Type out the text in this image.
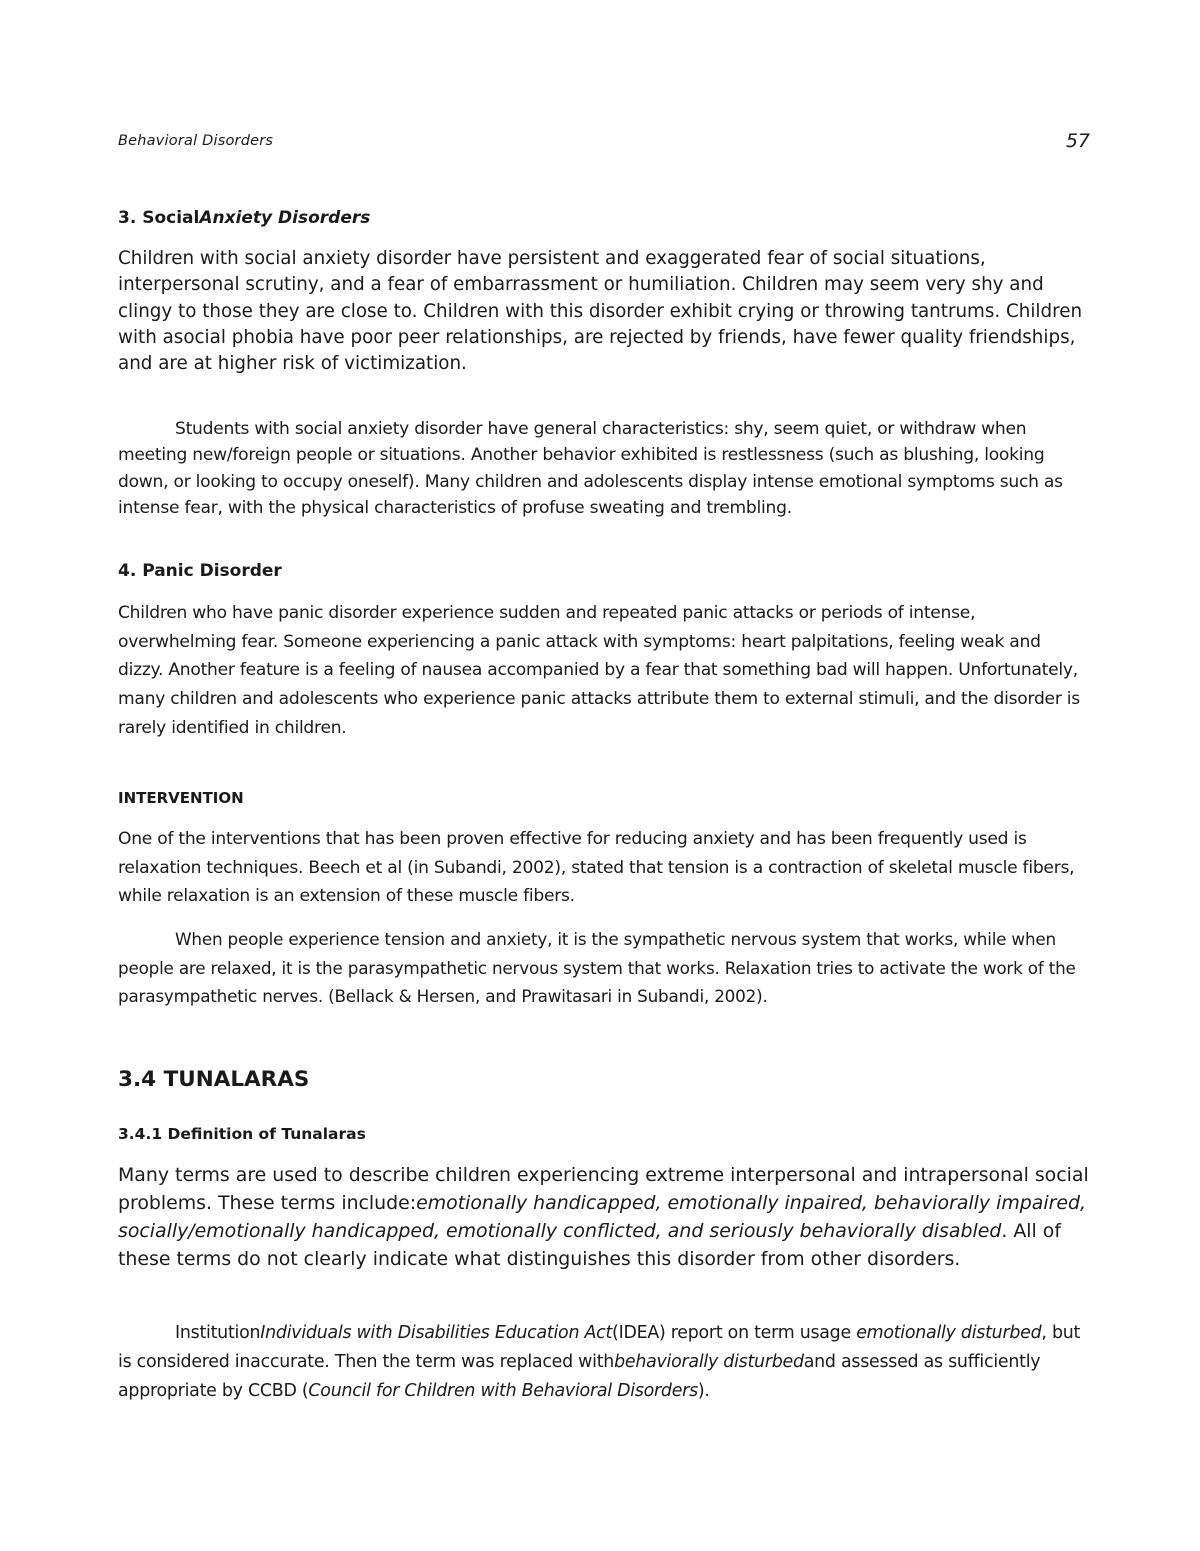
Behavioral Disorders	57

3. SocialAnxiety Disorders

Children with social anxiety disorder have persistent and exaggerated fear of social situations, interpersonal scrutiny, and a fear of embarrassment or humiliation. Children may seem very shy and clingy to those they are close to. Children with this disorder exhibit crying or throwing tantrums. Children with asocial phobia have poor peer relationships, are rejected by friends, have fewer quality friendships, and are at higher risk of victimization.

Students with social anxiety disorder have general characteristics: shy, seem quiet, or withdraw when meeting new/foreign people or situations. Another behavior exhibited is restlessness (such as blushing, looking down, or looking to occupy oneself). Many children and adolescents display intense emotional symptoms such as intense fear, with the physical characteristics of profuse sweating and trembling.

4. Panic Disorder

Children who have panic disorder experience sudden and repeated panic attacks or periods of intense, overwhelming fear. Someone experiencing a panic attack with symptoms: heart palpitations, feeling weak and dizzy. Another feature is a feeling of nausea accompanied by a fear that something bad will happen. Unfortunately, many children and adolescents who experience panic attacks attribute them to external stimuli, and the disorder is rarely identified in children.

INTERVENTION

One of the interventions that has been proven effective for reducing anxiety and has been frequently used is relaxation techniques. Beech et al (in Subandi, 2002), stated that tension is a contraction of skeletal muscle fibers, while relaxation is an extension of these muscle fibers.

When people experience tension and anxiety, it is the sympathetic nervous system that works, while when people are relaxed, it is the parasympathetic nervous system that works. Relaxation tries to activate the work of the parasympathetic nerves. (Bellack & Hersen, and Prawitasari in Subandi, 2002).

3.4 TUNALARAS

3.4.1 Definition of Tunalaras

Many terms are used to describe children experiencing extreme interpersonal and intrapersonal social problems. These terms include:emotionally handicapped, emotionally inpaired, behaviorally impaired, socially/emotionally handicapped, emotionally conflicted, and seriously behaviorally disabled. All of these terms do not clearly indicate what distinguishes this disorder from other disorders.

InstitutionIndividuals with Disabilities Education Act(IDEA) report on term usage emotionally disturbed, but is considered inaccurate. Then the term was replaced withbehaviorally disturbedand assessed as sufficiently appropriate by CCBD (Council for Children with Behavioral Disorders).
